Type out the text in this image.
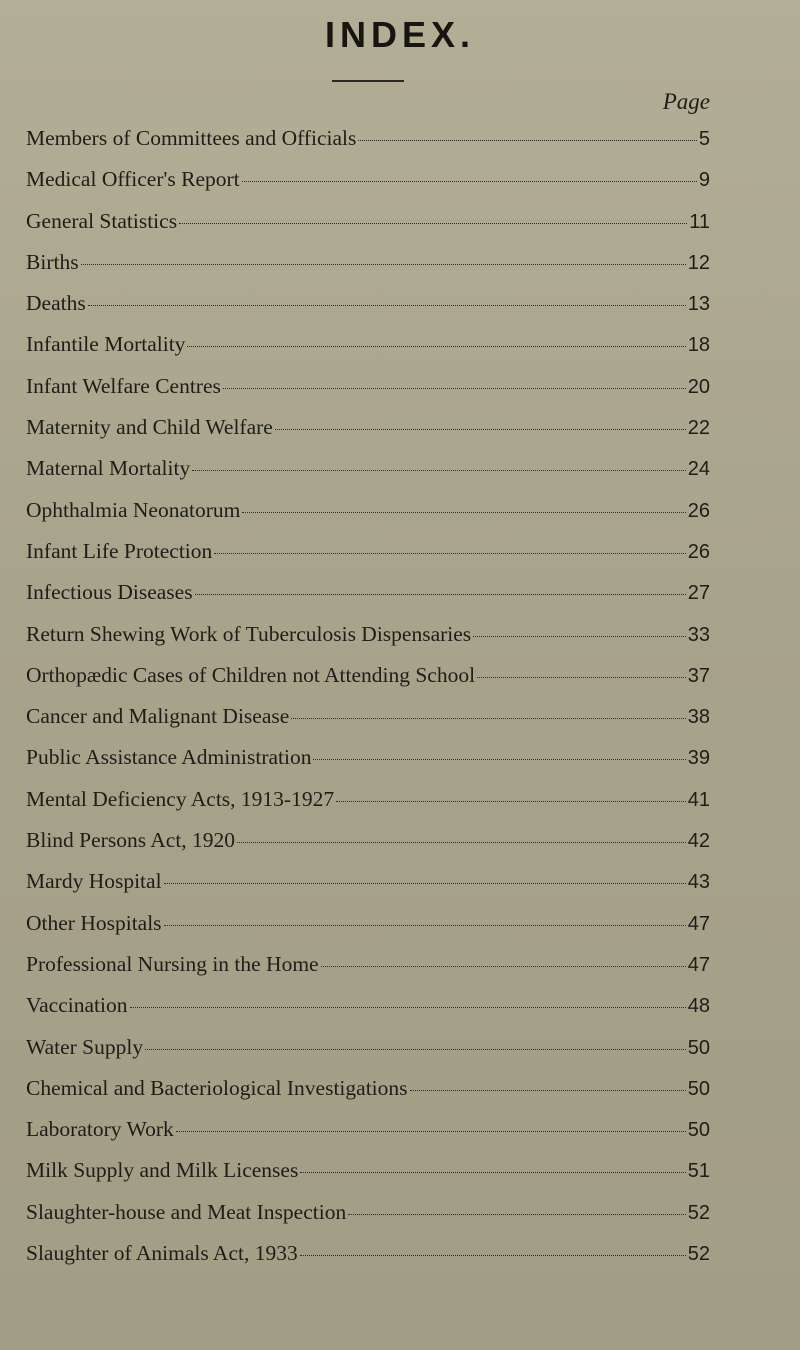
INDEX.
Page
Members of Committees and Officials	5
Medical Officer's Report	9
General Statistics	11
Births	12
Deaths	13
Infantile Mortality	18
Infant Welfare Centres	20
Maternity and Child Welfare	22
Maternal Mortality	24
Ophthalmia Neonatorum	26
Infant Life Protection	26
Infectious Diseases	27
Return Shewing Work of Tuberculosis Dispensaries	33
Orthopædic Cases of Children not Attending School	37
Cancer and Malignant Disease	38
Public Assistance Administration	39
Mental Deficiency Acts, 1913-1927	41
Blind Persons Act, 1920	42
Mardy Hospital	43
Other Hospitals	47
Professional Nursing in the Home	47
Vaccination	48
Water Supply	50
Chemical and Bacteriological Investigations	50
Laboratory Work	50
Milk Supply and Milk Licenses	51
Slaughter-house and Meat Inspection	52
Slaughter of Animals Act, 1933	52
